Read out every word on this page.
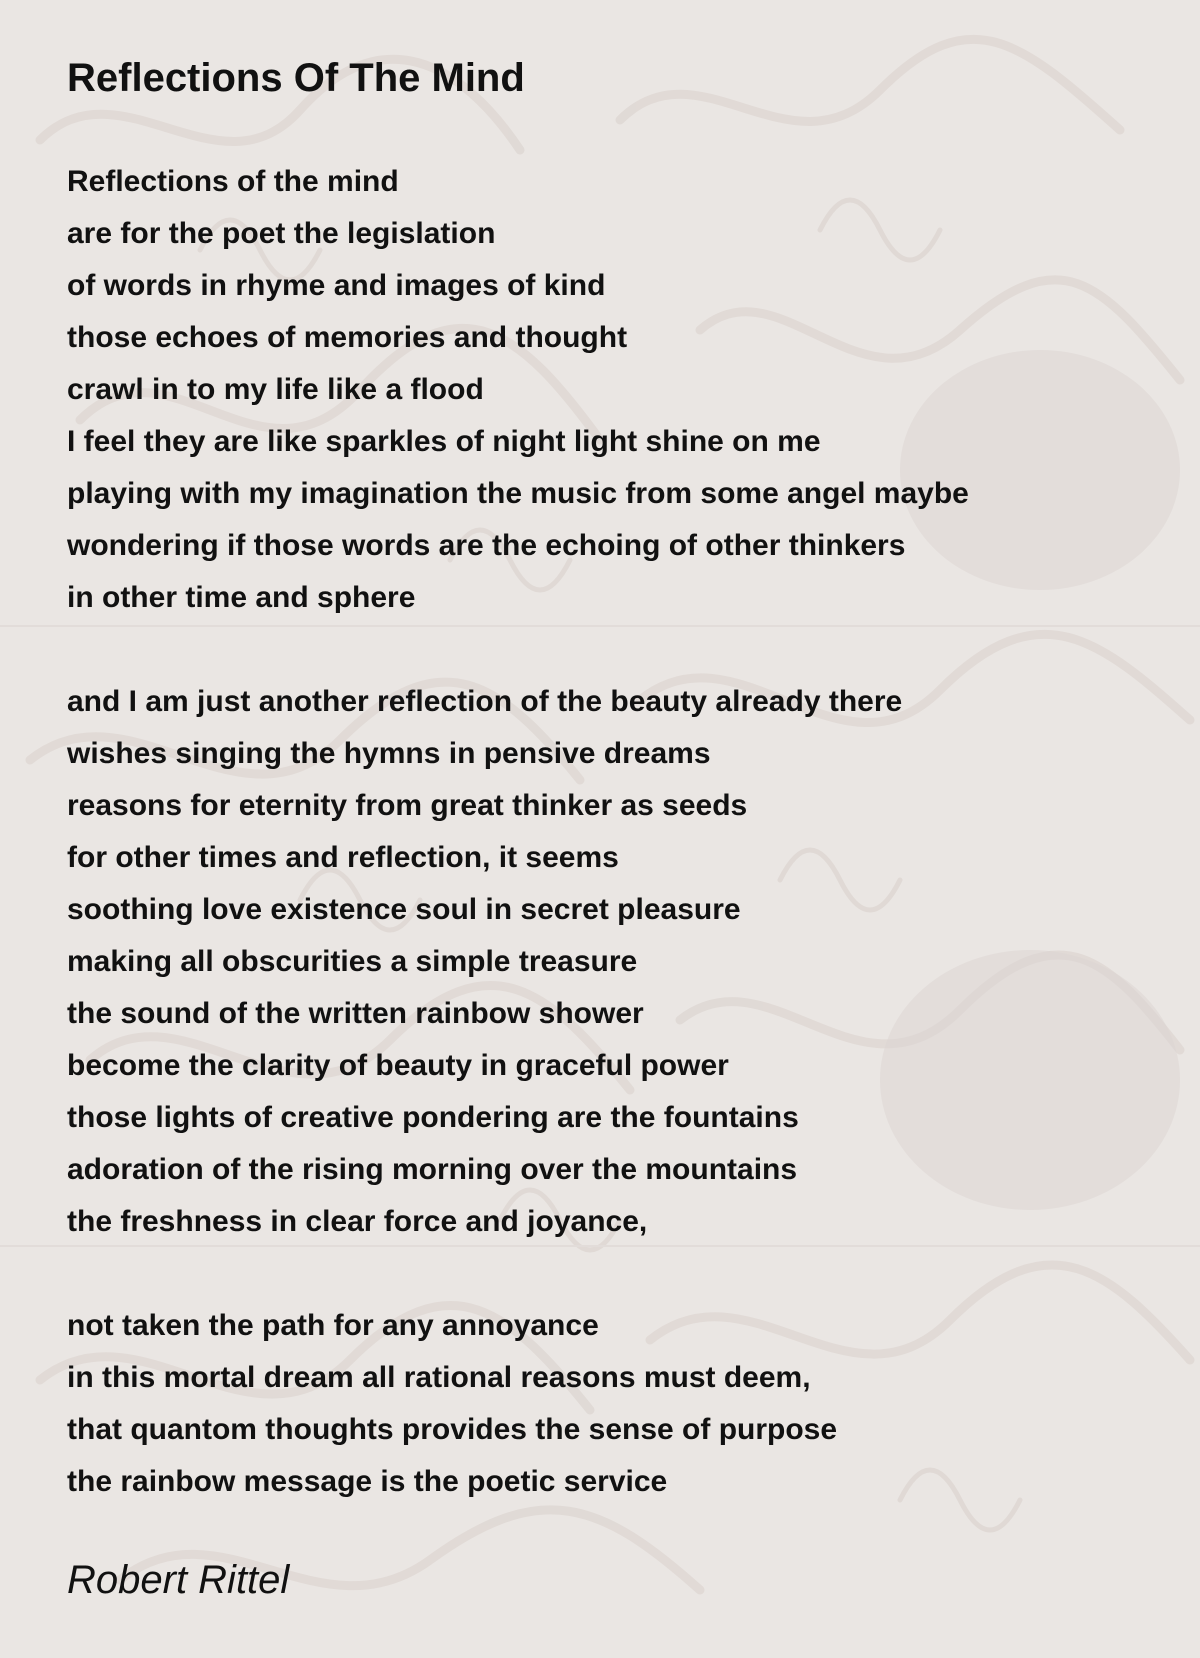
Reflections Of The Mind
Reflections of the mind
are for the poet the legislation
of words in rhyme and images of kind
those echoes of memories and thought
crawl in to my life like a flood
I feel they are like sparkles of night light shine on me
playing with my imagination the music from some angel maybe
wondering if those words are the echoing of other thinkers
in other time and sphere
and I am just another reflection of the beauty already there
wishes singing the hymns in pensive dreams
reasons for eternity from great thinker as seeds
for other times and reflection, it seems
soothing love existence soul in secret pleasure
making all obscurities a simple treasure
the sound of the written rainbow shower
become the clarity of beauty in graceful power
those lights of creative pondering are the fountains
adoration of the rising morning over the mountains
the freshness in clear force and joyance,
not taken the path for any annoyance
in this mortal dream all rational reasons must deem,
that quantom thoughts provides the sense of purpose
the rainbow message is the poetic service
Robert Rittel
